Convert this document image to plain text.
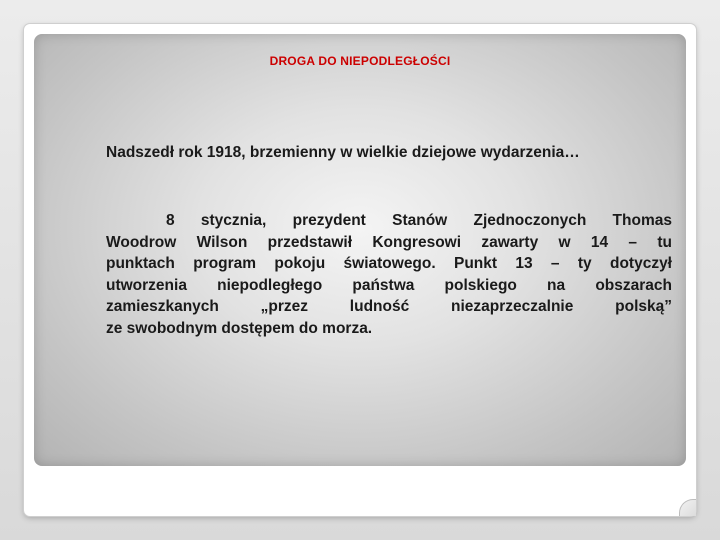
DROGA DO NIEPODLEGŁOŚCI
Nadszedł rok 1918, brzemienny w wielkie dziejowe wydarzenia…
8 stycznia, prezydent Stanów Zjednoczonych Thomas
Woodrow Wilson przedstawił Kongresowi zawarty w 14 – tu
punktach program pokoju światowego. Punkt 13 – ty dotyczył
utworzenia niepodległego państwa polskiego na obszarach
zamieszkanych „przez ludność niezaprzeczalnie polską”
ze swobodnym dostępem do morza.
